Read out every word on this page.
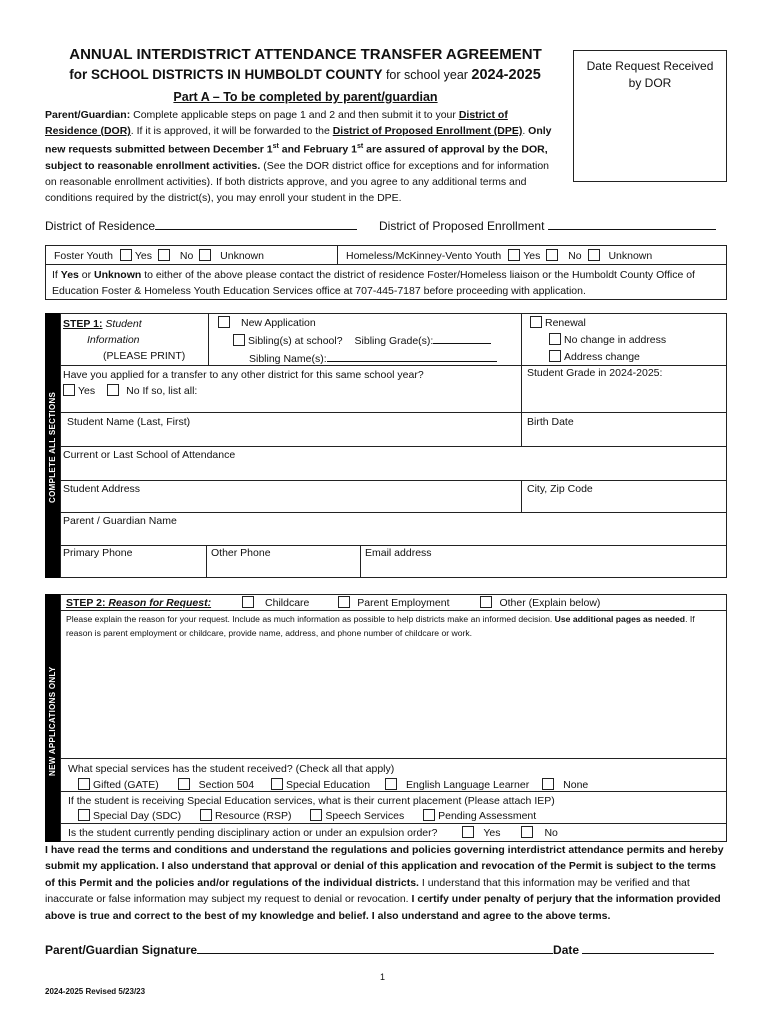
ANNUAL INTERDISTRICT ATTENDANCE TRANSFER AGREEMENT
for SCHOOL DISTRICTS IN HUMBOLDT COUNTY for school year 2024-2025
Part A – To be completed by parent/guardian
Date Request Received
by DOR
Parent/Guardian: Complete applicable steps on page 1 and 2 and then submit it to your District of Residence (DOR). If it is approved, it will be forwarded to the District of Proposed Enrollment (DPE). Only new requests submitted between December 1st and February 1st are assured of approval by the DOR, subject to reasonable enrollment activities. (See the DOR district office for exceptions and for information on reasonable enrollment activities). If both districts approve, and you agree to any additional terms and conditions required by the district(s), you may enroll your student in the DPE.
District of Residence	District of Proposed Enrollment
Foster Youth Yes	No	Unknown	Homeless/McKinney-Vento Youth Yes	No	Unknown
If Yes or Unknown to either of the above please contact the district of residence Foster/Homeless liaison or the Humboldt County Office of Education Foster & Homeless Youth Education Services office at 707-445-7187 before proceeding with application.
COMPLETE ALL SECTIONS
STEP 1: Student
Information
(PLEASE PRINT)
New Application
Sibling(s) at school? Sibling Grade(s):
Sibling Name(s):
Renewal
No change in address
Address change
Have you applied for a transfer to any other district for this same school year?
Yes	No If so, list all:
Student Grade in 2024-2025:
Student Name (Last, First)	Birth Date
Current or Last School of Attendance
Student Address	City, Zip Code
Parent / Guardian Name
Primary Phone	Other Phone	Email address
NEW APPLICATIONS ONLY
STEP 2: Reason for Request:	Childcare	Parent Employment	Other (Explain below)
Please explain the reason for your request. Include as much information as possible to help districts make an informed decision. Use additional pages as needed. If reason is parent employment or childcare, provide name, address, and phone number of childcare or work.
What special services has the student received? (Check all that apply)
Gifted (GATE)	Section 504	Special Education	English Language Learner	None
If the student is receiving Special Education services, what is their current placement (Please attach IEP)
Special Day (SDC)	Resource (RSP)	Speech Services	Pending Assessment
Is the student currently pending disciplinary action or under an expulsion order?	Yes	No
I have read the terms and conditions and understand the regulations and policies governing interdistrict attendance permits and hereby submit my application. I also understand that approval or denial of this application and revocation of the Permit is subject to the terms of this Permit and the policies and/or regulations of the individual districts. I understand that this information may be verified and that inaccurate or false information may subject my request to denial or revocation. I certify under penalty of perjury that the information provided above is true and correct to the best of my knowledge and belief. I also understand and agree to the above terms.
Parent/Guardian Signature	Date
1
2024-2025 Revised 5/23/23
